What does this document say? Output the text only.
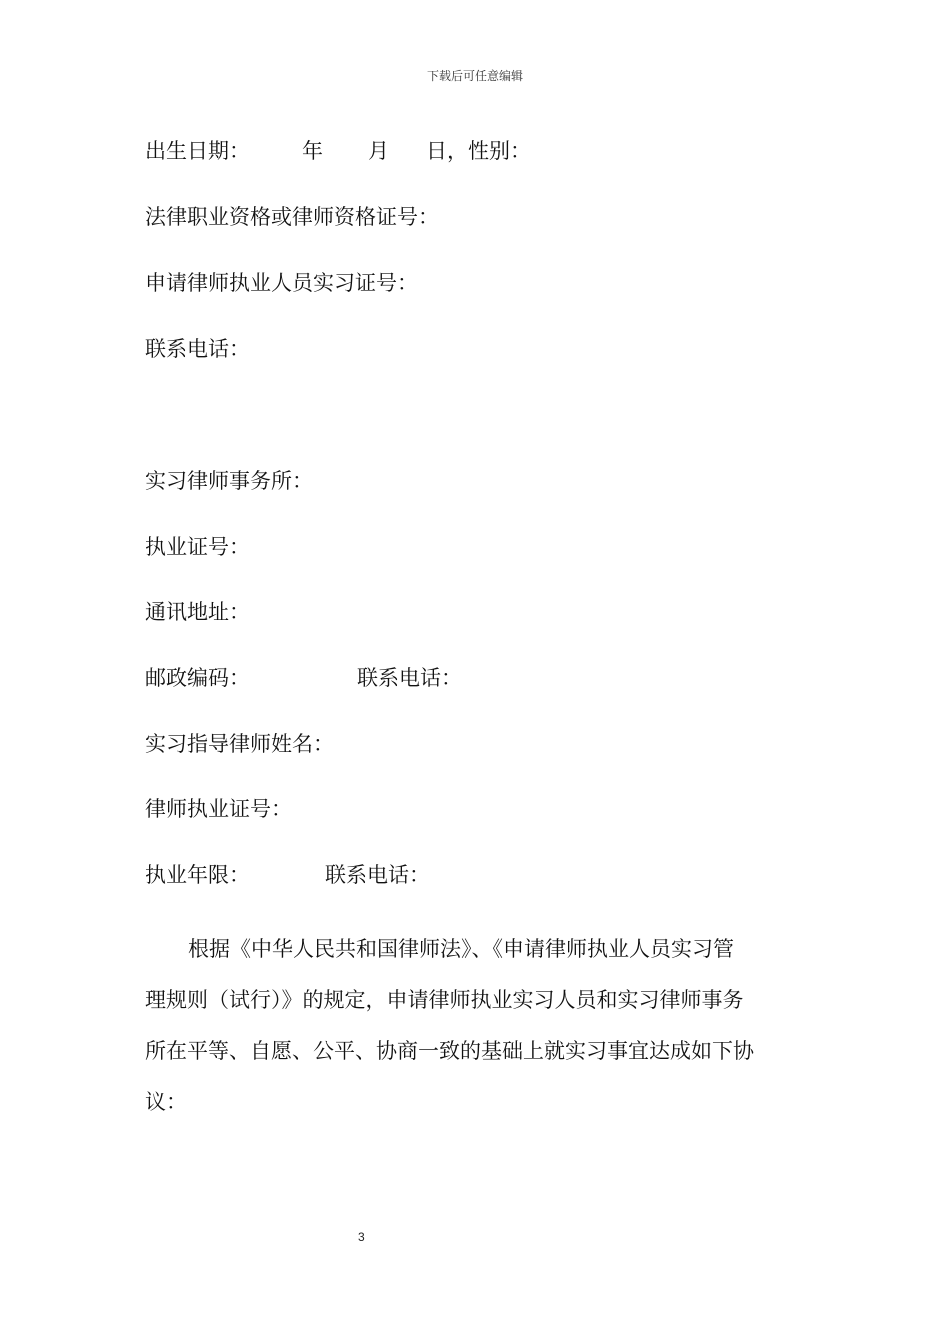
下载后可任意编辑
出生日期： 年 月 日，性别：
法律职业资格或律师资格证号：
申请律师执业人员实习证号：
联系电话：
实习律师事务所：
执业证号：
通讯地址：
邮政编码：	联系电话：
实习指导律师姓名：
律师执业证号：
执业年限：	联系电话：
根据《中华人民共和国律师法》、《申请律师执业人员实习管
理规则（试行）》的规定，申请律师执业实习人员和实习律师事务
所在平等、自愿、公平、协商一致的基础上就实习事宜达成如下协
议：
3
